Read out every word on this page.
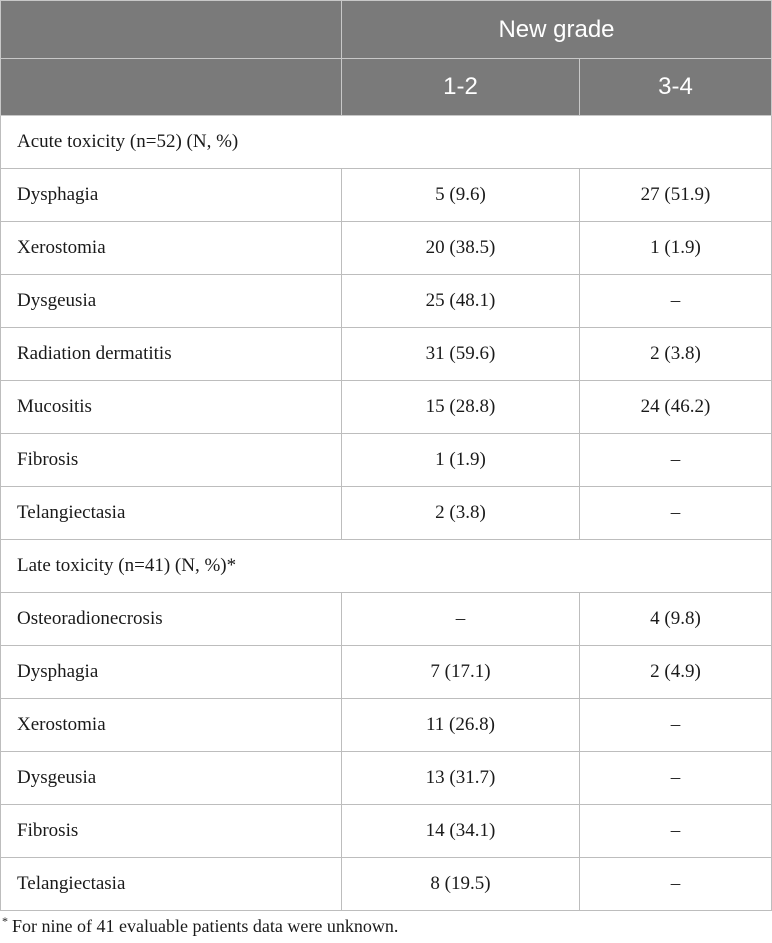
	New grade	
	1-2	3-4
Acute toxicity (n=52) (N, %)		
Dysphagia	5 (9.6)	27 (51.9)
Xerostomia	20 (38.5)	1 (1.9)
Dysgeusia	25 (48.1)	–
Radiation dermatitis	31 (59.6)	2 (3.8)
Mucositis	15 (28.8)	24 (46.2)
Fibrosis	1 (1.9)	–
Telangiectasia	2 (3.8)	–
Late toxicity (n=41) (N, %)*		
Osteoradionecrosis	–	4 (9.8)
Dysphagia	7 (17.1)	2 (4.9)
Xerostomia	11 (26.8)	–
Dysgeusia	13 (31.7)	–
Fibrosis	14 (34.1)	–
Telangiectasia	8 (19.5)	–
* For nine of 41 evaluable patients data were unknown.
